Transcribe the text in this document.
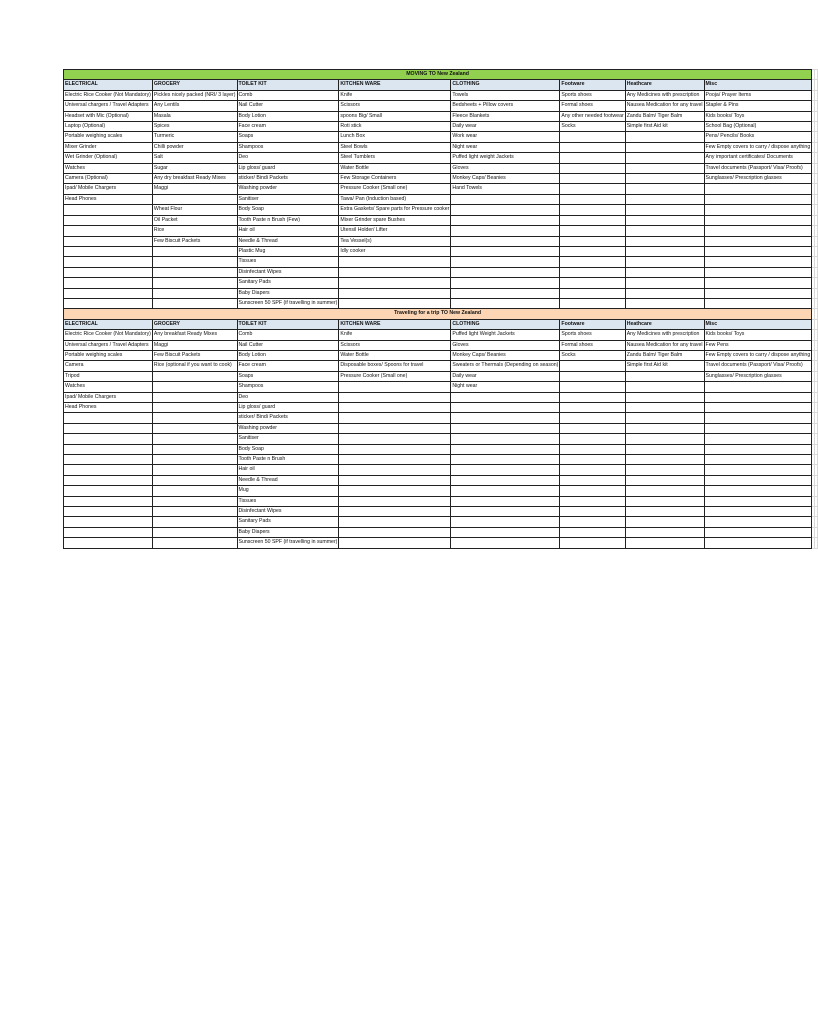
MOVING TO New Zealand									
ELECTRICAL	GROCERY	TOILET KIT	KITCHEN WARE	CLOTHING	Footware	Heathcare	Misc		
Electric Rice Cooker (Not Mandatory)	Pickles nicely packed (NRI/ 3 layer)	Comb	Knife	Towels	Sports shoes	Any Medicines with prescription	Pooja/ Prayer Items		
Universal chargers / Travel Adapters	Any Lentils	Nail Cutter	Scissors	Bedsheets + Pillow covers	Formal shoes	Nausea Medication for any travel	Stapler & Pins		
Headset with Mic (Optional)	Masala	Body Lotion	spoons Big/ Small	Fleece Blankets	Any other needed footwear	Zandu Balm/ Tiger Balm	Kids books/ Toys		
Laptop (Optional)	Spices	Face cream	Roti stick	Daily wear	Socks	Simple first Aid kit	School Bag (Optional)		
Portable weighing scales	Turmeric	Soaps	Lunch Box	Work wear			Pens/ Pencils/ Books		
Mixer Grinder	Chilli powder	Shampoos	Steel Bowls	Night wear			Few Empty covers to carry / dispose anything		
Wet Grinder (Optional)	Salt	Deo	Steel Tumblers	Puffed light weight Jackets			Any important certificates/ Documents		
Watches	Sugar	Lip gloss/ guard	Water Bottle	Gloves			Travel documents (Passport/ Visa/ Proofs)		
Camera (Optional)	Any dry breakfast Ready Mixes	sticker/ Bindi Packets	Few Storage Containers	Monkey Caps/ Beanies			Sunglasses/ Prescription glasses		
Ipad/ Mobile Chargers	Maggi	Washing powder	Pressure Cooker (Small one)	Hand Towels					
Head Phones		Sanitiser	Tawa/ Pan (Induction based)						
	Wheat Flour	Body Soap	Extra Gaskets/ Spare parts for Pressure cooker						
	Oil Packet	Tooth Paste n Brush (Few)	Mixer Grinder spare Bushes						
	Rice	Hair oil	Utensil Holder/ Lifter						
	Few Biscuit Packets	Needle & Thread	Tea Vessel(s)						
		Plastic Mug	Idly cooker						
		Tissues							
		Disinfectant Wipes							
		Sanitary Pads							
		Baby Diapers							
		Sunscreen 50 SPF (if travelling in summer)							
Traveling for a trip TO New Zealand									
ELECTRICAL	GROCERY	TOILET KIT	KITCHEN WARE	CLOTHING	Footware	Heathcare	Misc		
Electric Rice Cooker (Not Mandatory)	Any breakfast Ready Mixes	Comb	Knife	Puffed light Weight Jackets	Sports shoes	Any Medicines with prescription	Kids books/ Toys		
Universal chargers / Travel Adapters	Maggi	Nail Cutter	Scissors	Gloves	Formal shoes	Nausea Medication for any travel	Few Pens		
Portable weighing scales	Few Biscuit Packets	Body Lotion	Water Bottle	Monkey Caps/ Beanies	Socks	Zandu Balm/ Tiger Balm	Few Empty covers to carry / dispose anything		
Camera	Rice (optional if you want to cook)	Face cream	Disposable boxes/ Spoons for travel	Sweaters or Thermals (Depending on season)		Simple first Aid kit	Travel documents (Passport/ Visa/ Proofs)		
Tripod		Soaps	Pressure Cooker (Small one)	Daily wear			Sunglasses/ Prescription glasses		
Watches		Shampoos		Night wear					
Ipad/ Mobile Chargers		Deo							
Head Phones		Lip gloss/ guard							
		sticker/ Bindi Packets							
		Washing powder							
		Sanitiser							
		Body Soap							
		Tooth Paste n Brush							
		Hair oil							
		Needle & Thread							
		Mug							
		Tissues							
		Disinfectant Wipes							
		Sanitary Pads							
		Baby Diapers							
		Sunscreen 50 SPF (if travelling in summer)							
